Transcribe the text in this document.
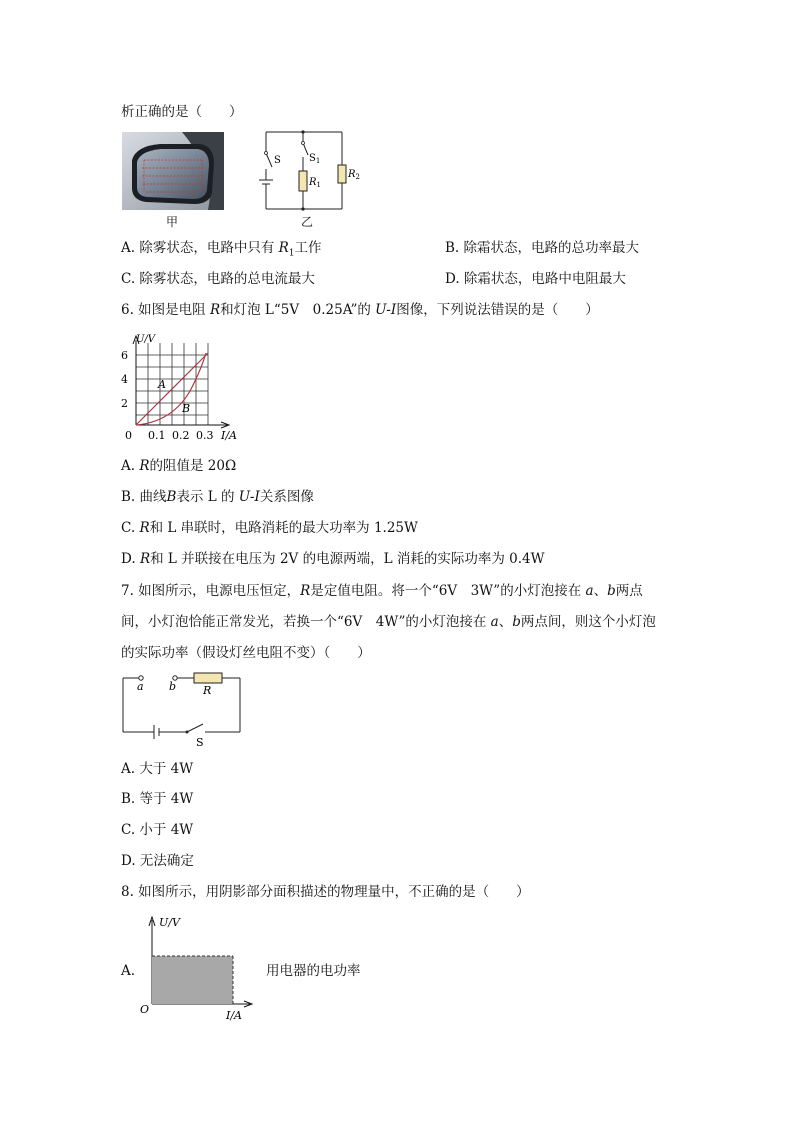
析正确的是（　　）
甲
S	$S_1$
$R_1$
$R_2$
乙
A. 除雾状态，电路中只有 $R_1$工作	B. 除霜状态，电路的总功率最大
C. 除雾状态，电路的总电流最大	D. 除霜状态，电路中电阻最大
6. 如图是电阻 R和灯泡 L“5V　0.25A”的 U-I图像，下列说法错误的是（　　）
U/V
6
4
2
0 0.1 0.2 0.3 I/A
A
B
A. R的阻值是 20Ω
B. 曲线B表示 L 的 U-I关系图像
C. R和 L 串联时，电路消耗的最大功率为 1.25W
D. R和 L 并联接在电压为 2V 的电源两端，L 消耗的实际功率为 0.4W
7. 如图所示，电源电压恒定，R是定值电阻。将一个“6V　3W”的小灯泡接在 a、b两点
间，小灯泡恰能正常发光，若换一个“6V　4W”的小灯泡接在 a、b两点间，则这个小灯泡
的实际功率（假设灯丝电阻不变）（　　）
a b R
S
A. 大于 4W
B. 等于 4W
C. 小于 4W
D. 无法确定
8. 如图所示，用阴影部分面积描述的物理量中，不正确的是（　　）
A.
U/V
O	I/A
用电器的电功率
